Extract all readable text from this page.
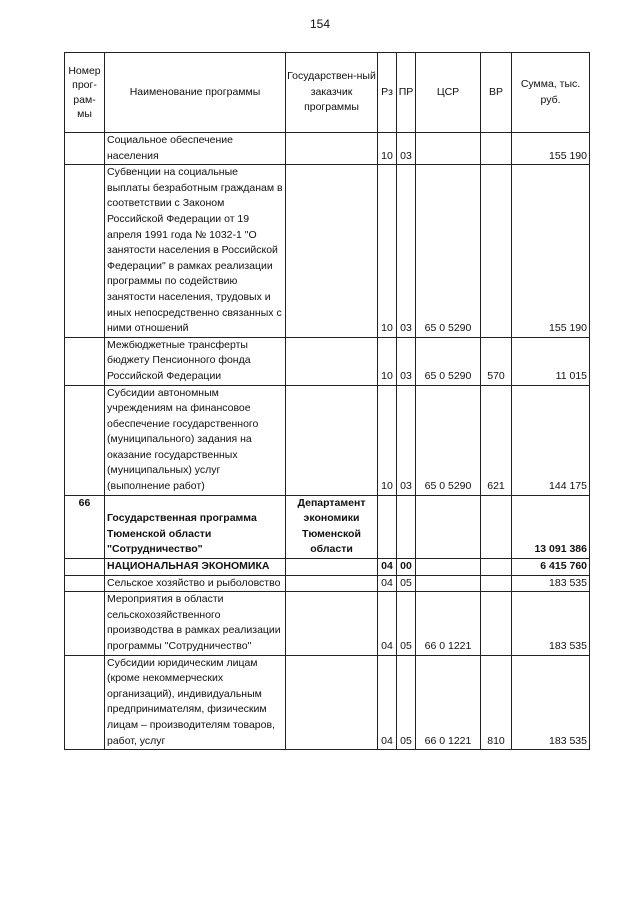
154
Номер прог-рам-мы	Наименование программы	Государствен-ный заказчик программы	Рз	ПР	ЦСР	ВР	Сумма, тыс. руб.
	Социальное обеспечение населения		10	03			155 190
	Субвенции на социальные выплаты безработным гражданам в соответствии с Законом Российской Федерации от 19 апреля 1991 года № 1032-1 "О занятости населения в Российской Федерации" в рамках реализации программы по содействию занятости населения, трудовых и иных непосредственно связанных с ними отношений		10	03	65 0 5290		155 190
	Межбюджетные трансферты бюджету Пенсионного фонда Российской Федерации		10	03	65 0 5290	570	11 015
	Субсидии автономным учреждениям на финансовое обеспечение государственного (муниципального) задания на оказание государственных (муниципальных) услуг (выполнение работ)		10	03	65 0 5290	621	144 175
66	Государственная программа Тюменской области "Сотрудничество"	Департамент экономики Тюменской области					13 091 386
	НАЦИОНАЛЬНАЯ ЭКОНОМИКА		04	00			6 415 760
	Сельское хозяйство и рыболовство		04	05			183 535
	Мероприятия в области сельскохозяйственного производства в рамках реализации программы "Сотрудничество"		04	05	66 0 1221		183 535
	Субсидии юридическим лицам (кроме некоммерческих организаций), индивидуальным предпринимателям, физическим лицам – производителям товаров, работ, услуг		04	05	66 0 1221	810	183 535
